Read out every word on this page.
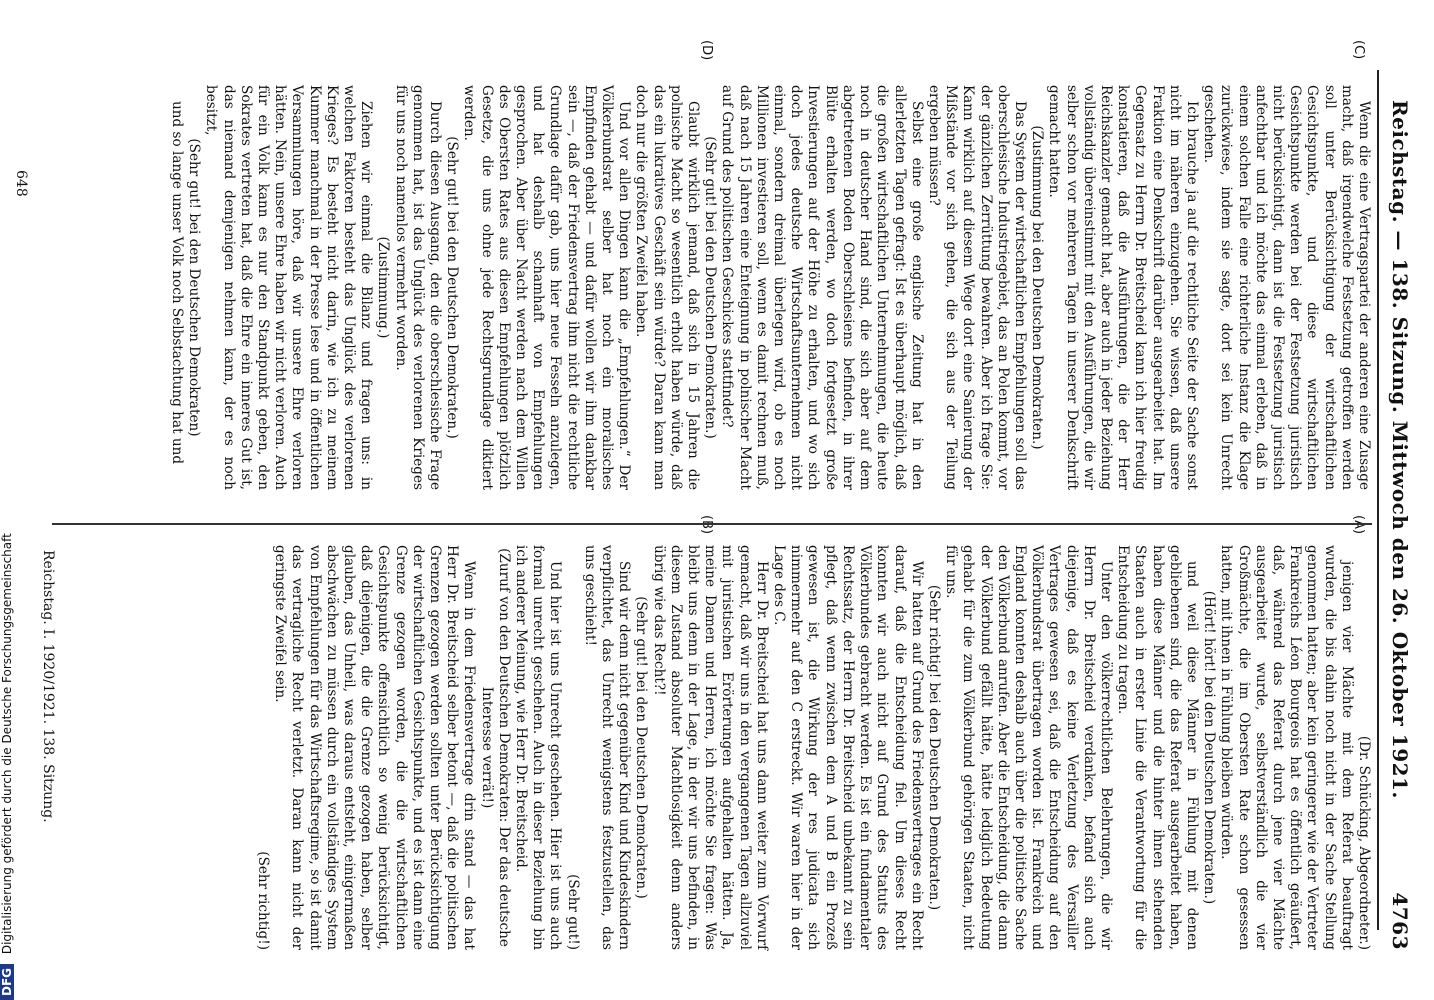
Reichstag. — 138. Sitzung. Mittwoch den 26. Oktober 1921.
4763
(C)
(D)

(Dr. Schücking, Abgeordneter.)

jenigen vier Mächte mit dem Referat beauftragt wurden, die bis dahin noch nicht in der Sache Stellung genommen hatten; aber kein geringerer wie der Vertreter Frankreichs Léon Bourgeois hat es öffentlich geäußert, daß, während das Referat durch jene vier Mächte ausgearbeitet wurde, selbstverständlich die vier Großmächte, die im Obersten Rate schon gesessen hatten, mit ihnen in Fühlung bleiben würden.

(Hört! hört! bei den Deutschen Demokraten.)

und weil diese Männer in Fühlung mit denen gebliebenen sind, die das Referat ausgearbeitet haben, haben diese Männer und die hinter ihnen stehenden Staaten auch in erster Linie die Verantwortung für die Entscheidung zu tragen.

Unter den völkerrechtlichen Belehrungen, die wir Herrn Dr. Breitscheid verdanken, befand sich auch diejenige, daß es keine Verletzung des Versailler Vertrages gewesen sei, daß die Entscheidung auf den Völkerbundsrat übertragen worden ist. Frankreich und England konnten deshalb auch über die politische Sache den Völkerbund anrufen. Aber die Entscheidung, die dann der Völkerbund gefällt hätte, hätte lediglich Bedeutung gehabt für die zum Völkerbund gehörigen Staaten, nicht für uns.

(Sehr richtig! bei den Deutschen Demokraten.)

Wir hatten auf Grund des Friedensvertrages ein Recht darauf, daß die Entscheidung fiel. Um dieses Recht konnten wir auch nicht auf Grund des Statuts des Völkerbundes gebracht werden. Es ist ein fundamentaler Rechtssatz, der Herrn Dr. Breitscheid unbekannt zu sein pflegt, daß wenn zwischen dem A und B ein Prozeß gewesen ist, die Wirkung der res judicata sich nimmermehr auf den C erstreckt. Wir waren hier in der Lage des C.

Herr Dr. Breitscheid hat uns dann weiter zum Vorwurf gemacht, daß wir uns in den vergangenen Tagen allzuviel mit juristischen Erörterungen aufgehalten hätten. Ja, meine Damen und Herren, ich möchte Sie fragen: Was bleibt uns denn in der Lage, in der wir uns befinden, in diesem Zustand absoluter Machtlosigkeit denn anders übrig wie das Recht?!

(Sehr gut! bei den Deutschen Demokraten.)

Sind wir denn nicht gegenüber Kind und Kindeskindern verpflichtet, das Unrecht wenigstens festzustellen, das uns geschieht!

(Sehr gut!)

Und hier ist uns Unrecht geschehen. Hier ist uns auch formal unrecht geschehen. Auch in dieser Beziehung bin ich anderer Meinung, wie Herr Dr. Breitscheid.

(Zuruf von den Deutschen Demokraten: Der das deutsche Interesse verrät!)

Wenn in dem Friedensvertrage drin stand — das hat Herr Dr. Breitscheid selber betont —, daß die politischen Grenzen gezogen werden sollten unter Berücksichtigung der wirtschaftlichen Gesichtspunkte, und es ist dann eine Grenze gezogen worden, die die wirtschaftlichen Gesichtspunkte offensichtlich so wenig berücksichtigt, daß diejenigen, die die Grenze gezogen haben, selber glauben, das Unheil, was daraus entsteht, einigermaßen abschwächen zu müssen durch ein vollständiges System von Empfehlungen für das Wirtschaftsregime, so ist damit das vertragliche Recht verletzt. Daran kann nicht der geringste Zweifel sein.

(Sehr richtig!)

Wenn die eine Vertragspartei der anderen eine Zusage macht, daß irgendwelche Festsetzung getroffen werden soll unter Berücksichtigung der wirtschaftlichen Gesichtspunkte, und diese wirtschaftlichen Gesichtspunkte werden bei der Festsetzung juristisch nicht berücksichtigt, dann ist die Festsetzung juristisch anfechtbar und ich möchte das einmal erleben, daß in einem solchen Falle eine richterliche Instanz die Klage zurückwiese, indem sie sagte, dort sei kein Unrecht geschehen.

Ich brauche ja auf die rechtliche Seite der Sache sonst nicht im näheren einzugehen. Sie wissen, daß unsere Fraktion eine Denkschrift darüber ausgearbeitet hat. Im Gegensatz zu Herrn Dr. Breitscheid kann ich hier freudig konstatieren, daß die Ausführungen, die der Herr Reichskanzler gemacht hat, aber auch in jeder Beziehung vollständig übereinstimmt mit den Ausführungen, die wir selber schon vor mehreren Tagen in unserer Denkschrift gemacht hatten.

(Zustimmung bei den Deutschen Demokraten.)

Das System der wirtschaftlichen Empfehlungen soll das oberschlesische Industriegebiet, das an Polen kommt, vor der gänzlichen Zerrüttung bewahren. Aber ich frage Sie: Kann wirklich auf diesem Wege dort eine Sanierung der Mißstände vor sich gehen, die sich aus der Teilung ergeben müssen?

Selbst eine große englische Zeitung hat in den allerletzten Tagen gefragt: Ist es überhaupt möglich, daß die großen wirtschaftlichen Unternehmungen, die heute noch in deutscher Hand sind, die sich aber auf dem abgetretenen Boden Oberschlesiens befinden, in ihrer Blüte erhalten werden, wo doch fortgesetzt große Investierungen auf der Höhe zu erhalten, und wo sich doch jedes deutsche Wirtschaftsunternehmen nicht einmal, sondern dreimal überlegen wird, ob es noch Millionen investieren soll, wenn es damit rechnen muß, daß nach 15 Jahren eine Enteignung in polnischer Macht auf Grund des politischen Geschickes stattfindet?

(Sehr gut! bei den Deutschen Demokraten.)

Glaubt wirklich jemand, daß sich in 15 Jahren die polnische Macht so wesentlich erholt haben würde, daß das ein lukratives Geschäft sein würde? Daran kann man doch nur die größten Zweifel haben.

Und vor allen Dingen kann die „Empfehlungen.“ Der Völkerbundsrat selber hat noch ein moralisches Empfinden gehabt — und dafür wollen wir ihm dankbar sein —, daß der Friedensvertrag ihm nicht die rechtliche Grundlage dafür gab, uns hier neue Fesseln anzulegen, und hat deshalb schamhaft von Empfehlungen gesprochen. Aber über Nacht werden nach dem Willen des Obersten Rates aus diesen Empfehlungen plötzlich Gesetze, die uns ohne jede Rechtsgrundlage diktiert werden.

(Sehr gut! bei den Deutschen Demokraten.)

Durch diesen Ausgang, den die oberschlesische Frage genommen hat, ist das Unglück des verlorenen Krieges für uns noch namenlos vermehrt worden.

(Zustimmung.)

Ziehen wir einmal die Bilanz und fragen uns: in welchen Faktoren besteht das Unglück des verlorenen Krieges? Es besteht nicht darin, wie ich zu meinem Kummer manchmal in der Presse lese und in öffentlichen Versammlungen höre, daß wir unsere Ehre verloren hätten. Nein, unsere Ehre haben wir nicht verloren. Auch für ein Volk kann es nur den Standpunkt geben, den Sokrates vertreten hat, daß die Ehre ein inneres Gut ist, das niemand demjenigen nehmen kann, der es noch besitzt,

(Sehr gut! bei den Deutschen Demokraten)

und so lange unser Volk noch Selbstachtung hat und

Reichstag. I. 1920/1921. 138. Sitzung.
648
DFG Digitalisierung gefördert durch die Deutsche Forschungsgemeinschaft
